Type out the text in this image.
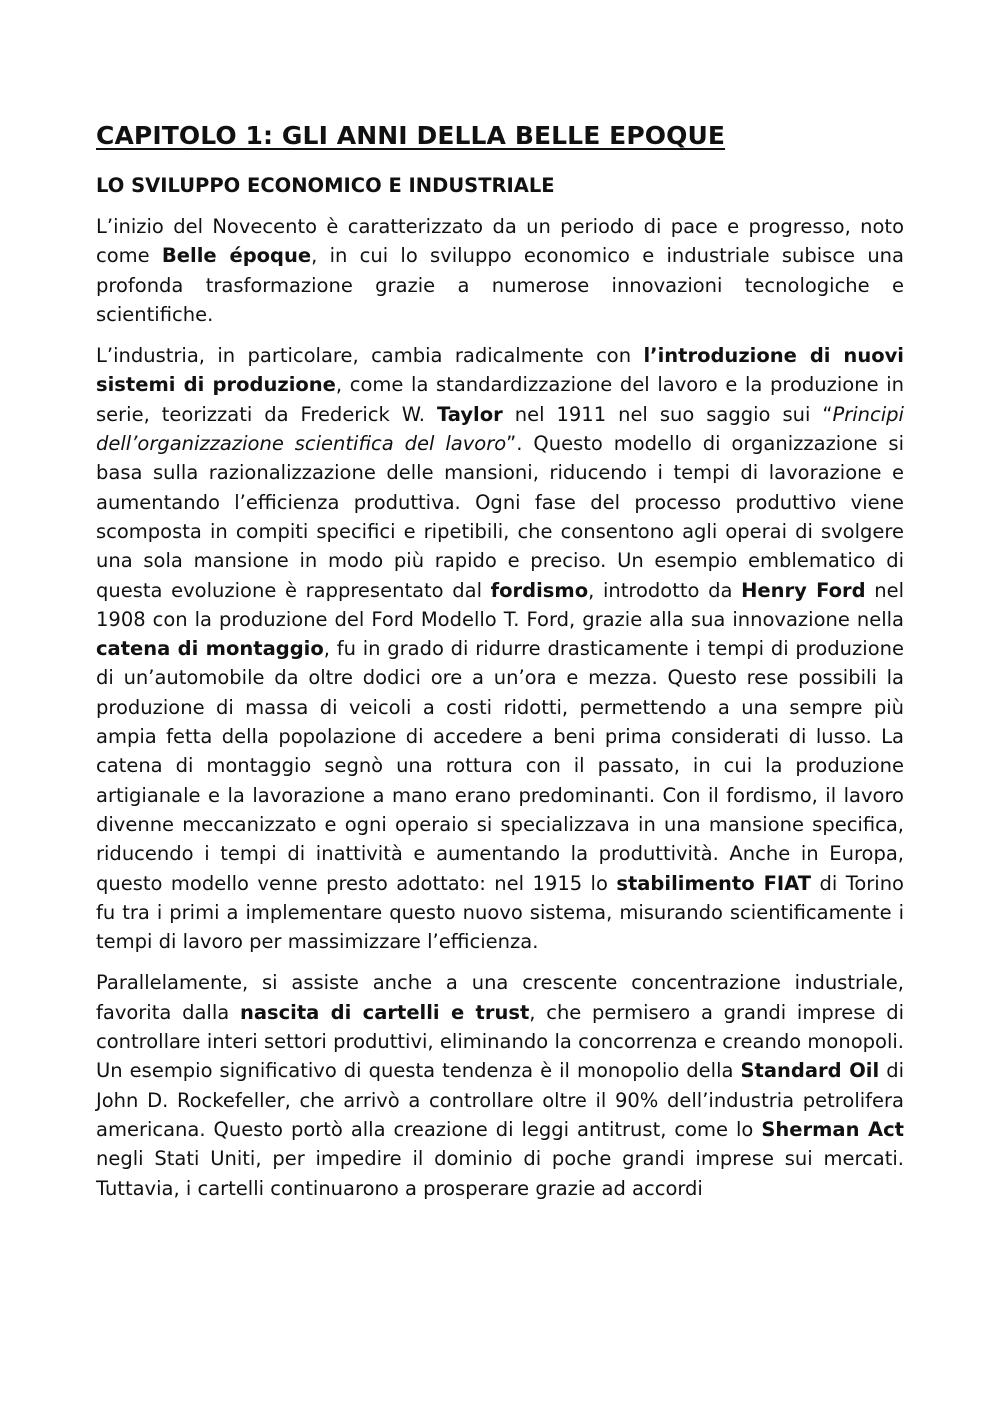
CAPITOLO 1: GLI ANNI DELLA BELLE EPOQUE
LO SVILUPPO ECONOMICO E INDUSTRIALE

L’inizio del Novecento è caratterizzato da un periodo di pace e progresso, noto come Belle époque, in cui lo sviluppo economico e industriale subisce una profonda trasformazione grazie a numerose innovazioni tecnologiche e scientifiche.

L’industria, in particolare, cambia radicalmente con l’introduzione di nuovi sistemi di produzione, come la standardizzazione del lavoro e la produzione in serie, teorizzati da Frederick W. Taylor nel 1911 nel suo saggio sui “Principi dell’organizzazione scientifica del lavoro”. Questo modello di organizzazione si basa sulla razionalizzazione delle mansioni, riducendo i tempi di lavorazione e aumentando l’efficienza produttiva. Ogni fase del processo produttivo viene scomposta in compiti specifici e ripetibili, che consentono agli operai di svolgere una sola mansione in modo più rapido e preciso. Un esempio emblematico di questa evoluzione è rappresentato dal fordismo, introdotto da Henry Ford nel 1908 con la produzione del Ford Modello T. Ford, grazie alla sua innovazione nella catena di montaggio, fu in grado di ridurre drasticamente i tempi di produzione di un’automobile da oltre dodici ore a un’ora e mezza. Questo rese possibili la produzione di massa di veicoli a costi ridotti, permettendo a una sempre più ampia fetta della popolazione di accedere a beni prima considerati di lusso. La catena di montaggio segnò una rottura con il passato, in cui la produzione artigianale e la lavorazione a mano erano predominanti. Con il fordismo, il lavoro divenne meccanizzato e ogni operaio si specializzava in una mansione specifica, riducendo i tempi di inattività e aumentando la produttività. Anche in Europa, questo modello venne presto adottato: nel 1915 lo stabilimento FIAT di Torino fu tra i primi a implementare questo nuovo sistema, misurando scientificamente i tempi di lavoro per massimizzare l’efficienza.

Parallelamente, si assiste anche a una crescente concentrazione industriale, favorita dalla nascita di cartelli e trust, che permisero a grandi imprese di controllare interi settori produttivi, eliminando la concorrenza e creando monopoli. Un esempio significativo di questa tendenza è il monopolio della Standard Oil di John D. Rockefeller, che arrivò a controllare oltre il 90% dell’industria petrolifera americana. Questo portò alla creazione di leggi antitrust, come lo Sherman Act negli Stati Uniti, per impedire il dominio di poche grandi imprese sui mercati. Tuttavia, i cartelli continuarono a prosperare grazie ad accordi
